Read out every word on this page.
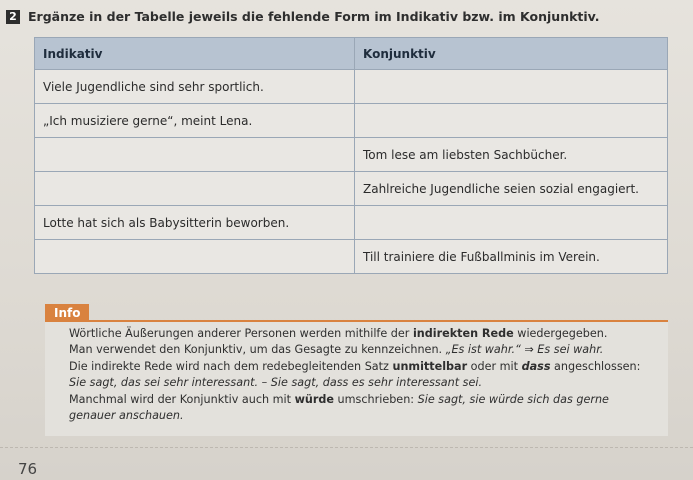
2 Ergänze in der Tabelle jeweils die fehlende Form im Indikativ bzw. im Konjunktiv.
Indikativ	Konjunktiv
Viele Jugendliche sind sehr sportlich.	
„Ich musiziere gerne“, meint Lena.	
	Tom lese am liebsten Sachbücher.
	Zahlreiche Jugendliche seien sozial engagiert.
Lotte hat sich als Babysitterin beworben.	
	Till trainiere die Fußballminis im Verein.
Info

Wörtliche Äußerungen anderer Personen werden mithilfe der indirekten Rede wiedergegeben.

Man verwendet den Konjunktiv, um das Gesagte zu kennzeichnen. „Es ist wahr.“ ⇒ Es sei wahr.

Die indirekte Rede wird nach dem redebegleitenden Satz unmittelbar oder mit dass angeschlossen:

Sie sagt, das sei sehr interessant. – Sie sagt, dass es sehr interessant sei.

Manchmal wird der Konjunktiv auch mit würde umschrieben: Sie sagt, sie würde sich das gerne

genauer anschauen.

76
